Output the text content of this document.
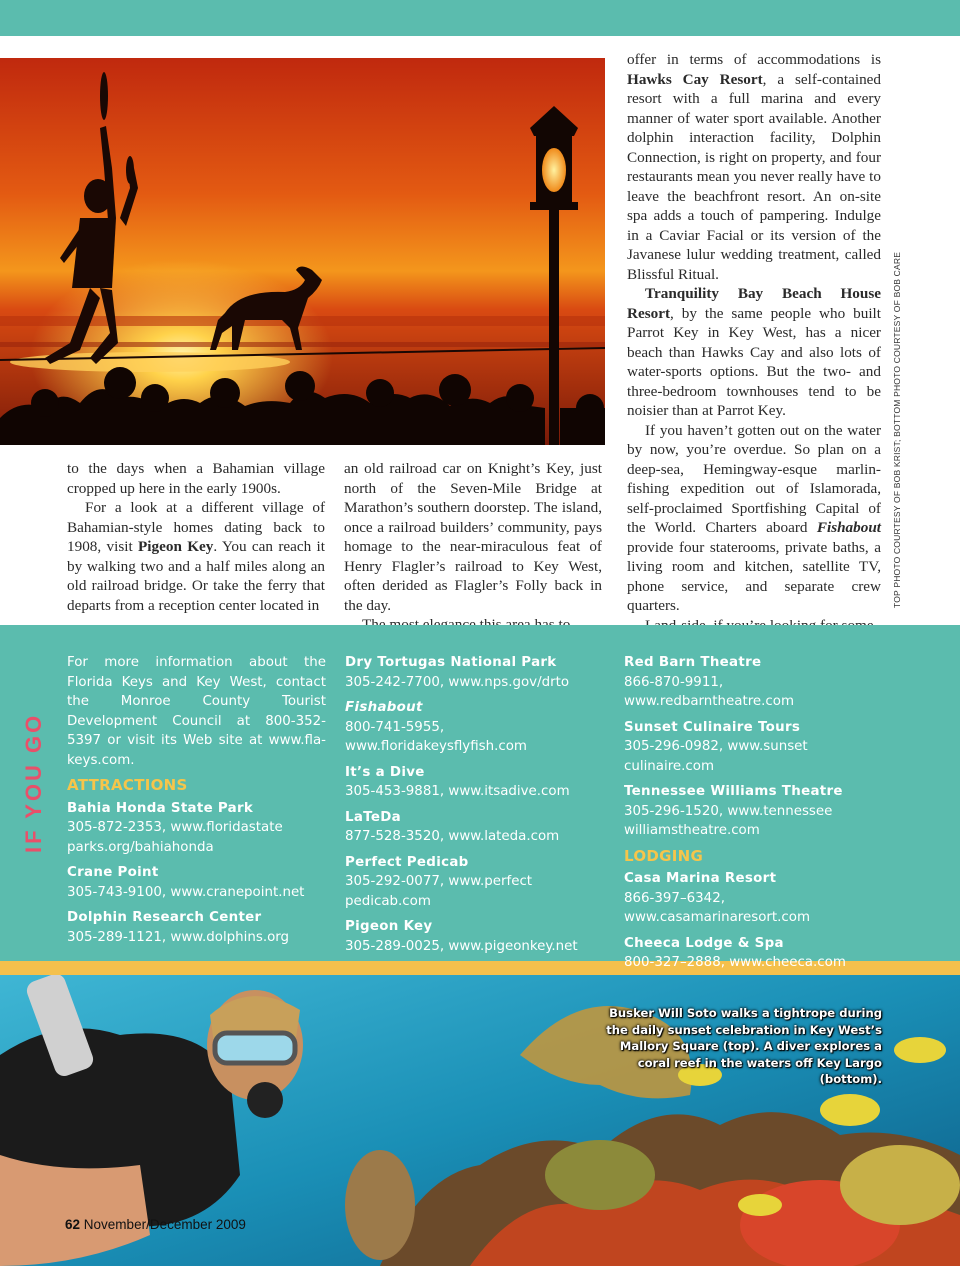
to the days when a Bahamian village cropped up here in the early 1900s.

For a look at a different village of Bahamian-style homes dating back to 1908, visit Pigeon Key. You can reach it by walking two and a half miles along an old railroad bridge. Or take the ferry that departs from a reception center located in

an old railroad car on Knight’s Key, just north of the Seven-Mile Bridge at Marathon’s southern doorstep. The island, once a railroad builders’ community, pays homage to the near-miraculous feat of Henry Flagler’s railroad to Key West, often derided as Flagler’s Folly back in the day.

offer in terms of accommodations is Hawks Cay Resort, a self-contained resort with a full marina and every manner of water sport available. Another dolphin interaction facility, Dolphin Connection, is right on property, and four restaurants mean you never really have to leave the beachfront resort. An on-site spa adds a touch of pampering. Indulge in a Caviar Facial or its version of the Javanese lulur wedding treatment, called Blissful Ritual.

Tranquility Bay Beach House Resort, by the same people who built Parrot Key in Key West, has a nicer beach than Hawks Cay and also lots of water-sports options. But the two- and three-bedroom townhouses tend to be noisier than at Parrot Key.

If you haven’t gotten out on the water by now, you’re overdue. So plan on a deep-sea, Hemingway-esque marlin-fishing expedition out of Islamorada, self-proclaimed Sportfishing Capital of the World. Charters aboard Fishabout provide four staterooms, private baths, a living room and kitchen, satellite TV, phone service, and separate crew quarters.	TOP PHOTO COURTESY OF BOB KRIST; BOTTOM PHOTO COURTESY OF BOB CARE
IF YOU GO

For more information about the Florida Keys and Key West, contact the Monroe County Tourist Development Council at 800-352-5397 or visit its Web site at www.fla-keys.com.

ATTRACTIONS
Bahia Honda State Park
305-872-2353, www.floridastate parks.org/bahiahonda
Crane Point
305-743-9100, www.cranepoint.net
Dolphin Research Center
305-289-1121, www.dolphins.org
Dry Tortugas National Park
305-242-7700, www.nps.gov/drto
Fishabout
800-741-5955, www.floridakeysflyfish.com
It’s a Dive
305-453-9881, www.itsadive.com
LaTeDa
877-528-3520, www.lateda.com
Perfect Pedicab
305-292-0077, www.perfect pedicab.com
Pigeon Key
305-289-0025, www.pigeonkey.net
Red Barn Theatre
866-870-9911, www.redbarntheatre.com
Sunset Culinaire Tours
305-296-0982, www.sunset culinaire.com
Tennessee Williams Theatre
305-296-1520, www.tennessee williamstheatre.com
LODGING
Casa Marina Resort
866-397–6342, www.casamarinaresort.com
Cheeca Lodge & Spa
800-327–2888, www.cheeca.com
Busker Will Soto walks a tightrope during the daily sunset celebration in Key West’s Mallory Square (top). A diver explores a coral reef in the waters off Key Largo (bottom).
62 November/December 2009
